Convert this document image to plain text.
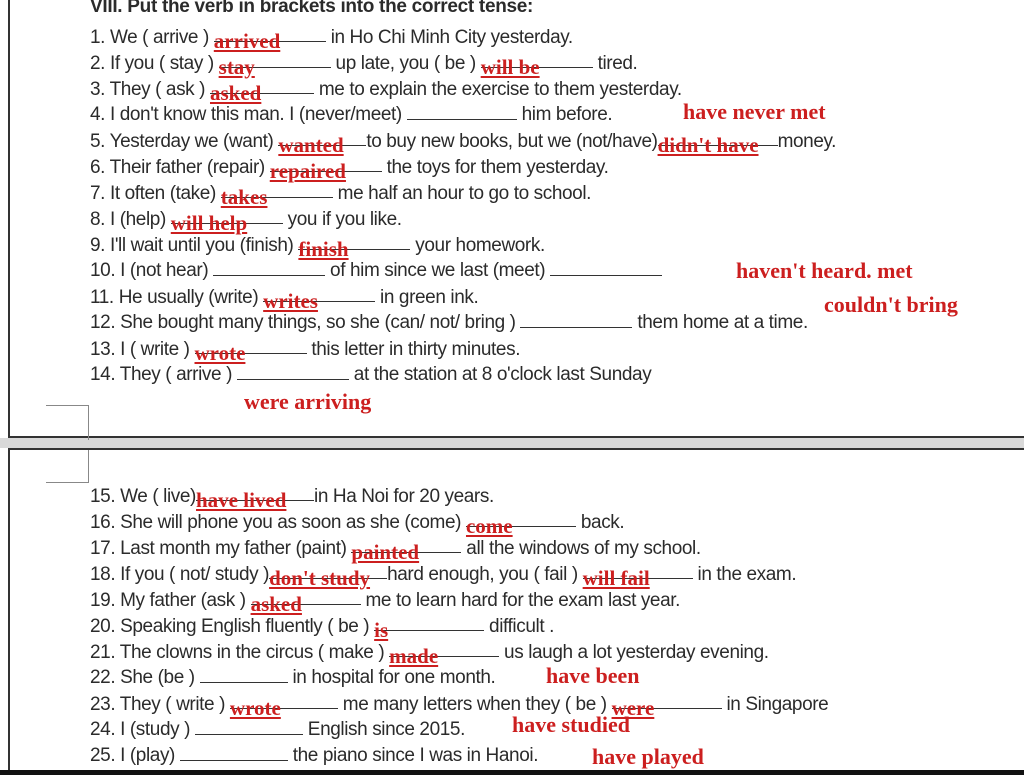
VIII. Put the verb in brackets into the correct tense:
1. We ( arrive ) arrived	in Ho Chi Minh City yesterday.
2. If you ( stay ) stay	up late, you ( be ) will be	tired.
3. They ( ask ) asked	me to explain the exercise to them yesterday.
4. I don't know this man. I (never/meet)	him before.
5. Yesterday we (want) wanted to buy new books, but we (not/have)didn't have money.
6. Their father (repair) repaired the toys for them yesterday.
7. It often (take) takes	me half an hour to go to school.
8. I (help) will help you if you like.
9. I'll wait until you (finish) finish	your homework.
10. I (not hear)	of him since we last (meet)
11. He usually (write) writes	in green ink.
12. She bought many things, so she (can/ not/ bring )	them home at a time.
13. I ( write ) wrote	this letter in thirty minutes.
14. They ( arrive )	at the station at 8 o'clock last Sunday
15. We ( live)have lived in Ha Noi for 20 years.
16. She will phone you as soon as she (come) come	back.
17. Last month my father (paint) painted all the windows of my school.
18. If you ( not/ study )don't study hard enough, you ( fail ) will fail	in the exam.
19. My father (ask ) asked	me to learn hard for the exam last year.
20. Speaking English fluently ( be ) is	difficult .
21. The clowns in the circus ( make ) made	us laugh a lot yesterday evening.
22. She (be )	in hospital for one month.
23. They ( write ) wrote	me many letters when they ( be ) were	in Singapore
24. I (study )	English since 2015.
25. I (play)	the piano since I was in Hanoi.
have never met
haven't heard. met
couldn't bring
were arriving
have been
have studied
have played
